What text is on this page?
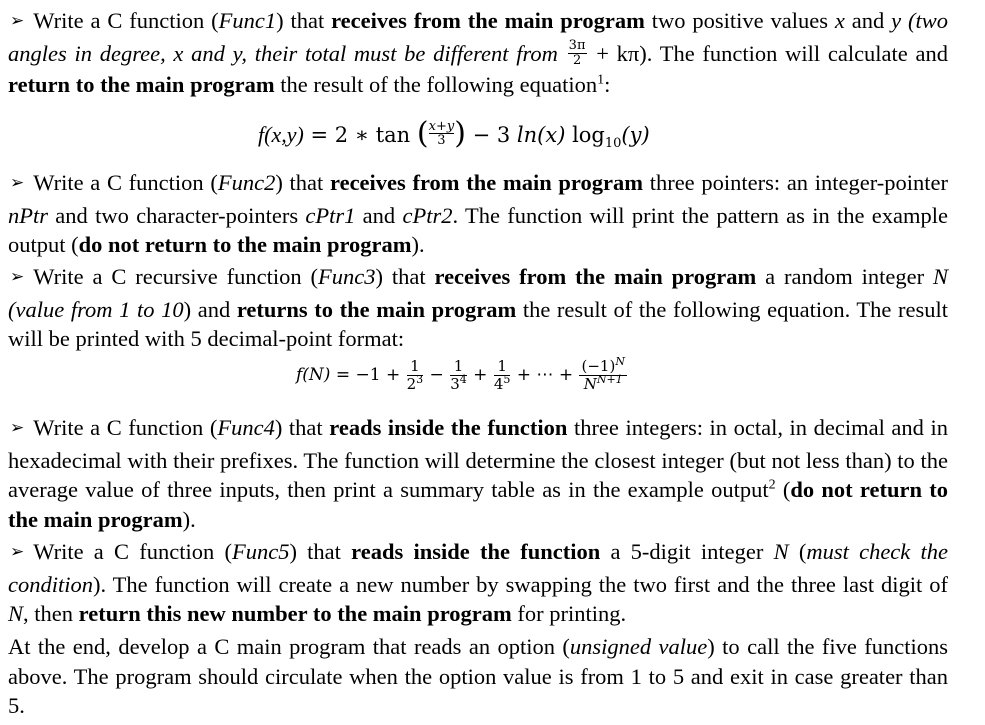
➢ Write a C function (Func1) that receives from the main program two positive values x and y (two angles in degree, x and y, their total must be different from $\frac{3\pi}{2} + k\pi$). The function will calculate and return to the main program the result of the following equation$^1$:

f(x,y) = 2 ∗ tan ( $\frac{x+y}{3}) - 3$ ln(x) $\log_{10}(y)$

➢ Write a C function (Func2) that receives from the main program three pointers: an integer-pointer nPtr and two character-pointers cPtr1 and cPtr2. The function will print the pattern as in the example output (do not return to the main program).

➢ Write a C recursive function (Func3) that receives from the main program a random integer N (value from 1 to 10) and returns to the main program the result of the following equation. The result will be printed with 5 decimal-point format:

$f(N) = -1 + \frac{1}{2^3} - \frac{1}{3^4} + \frac{1}{4^5}$ + ⋯ + $\frac{(-1)^N}{N^{N+1}}$

➢ Write a C function (Func4) that reads inside the function three integers: in octal, in decimal and in hexadecimal with their prefixes. The function will determine the closest integer (but not less than) to the average value of three inputs, then print a summary table as in the example output$^2$ (do not return to the main program).

➢ Write a C function (Func5) that reads inside the function a 5-digit integer N (must check the condition). The function will create a new number by swapping the two first and the three last digit of N, then return this new number to the main program for printing.

At the end, develop a C main program that reads an option (unsigned value) to call the five functions above. The program should circulate when the option value is from 1 to 5 and exit in case greater than 5.
